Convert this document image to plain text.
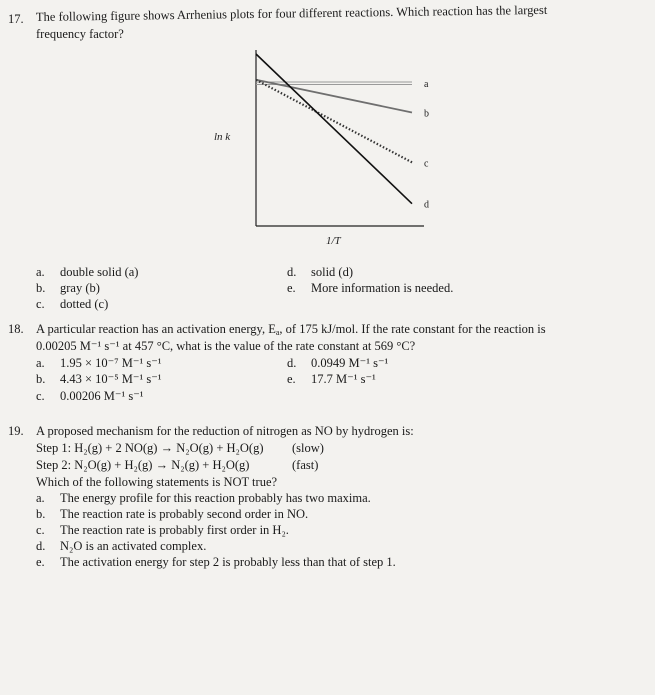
17. The following figure shows Arrhenius plots for four different reactions. Which reaction has the largest
frequency factor?
a
b
c
d
ln k
1/T
a. double solid (a)
b. gray (b)
c. dotted (c)
d. solid (d)
e. More information is needed.
18. A particular reaction has an activation energy, $E_a$, of 175 kJ/mol. If the rate constant for the reaction is
0.00205 M⁻¹ s⁻¹ at 457 °C, what is the value of the rate constant at 569 °C?
a. 1.95 × 10⁻⁷ M⁻¹ s⁻¹
b. 4.43 × 10⁻⁵ M⁻¹ s⁻¹
c. 0.00206 M⁻¹ s⁻¹
d. 0.0949 M⁻¹ s⁻¹
e. 17.7 M⁻¹ s⁻¹
19. A proposed mechanism for the reduction of nitrogen as NO by hydrogen is:
Step 1: H₂(g) + 2 NO(g) → N₂O(g) + H₂O(g) (slow)
Step 2: N₂O(g) + H₂(g) → N₂(g) + H₂O(g)	(fast)
Which of the following statements is NOT true?
a. The energy profile for this reaction probably has two maxima.
b. The reaction rate is probably second order in NO.
c. The reaction rate is probably first order in H₂.
d. N₂O is an activated complex.
e. The activation energy for step 2 is probably less than that of step 1.
